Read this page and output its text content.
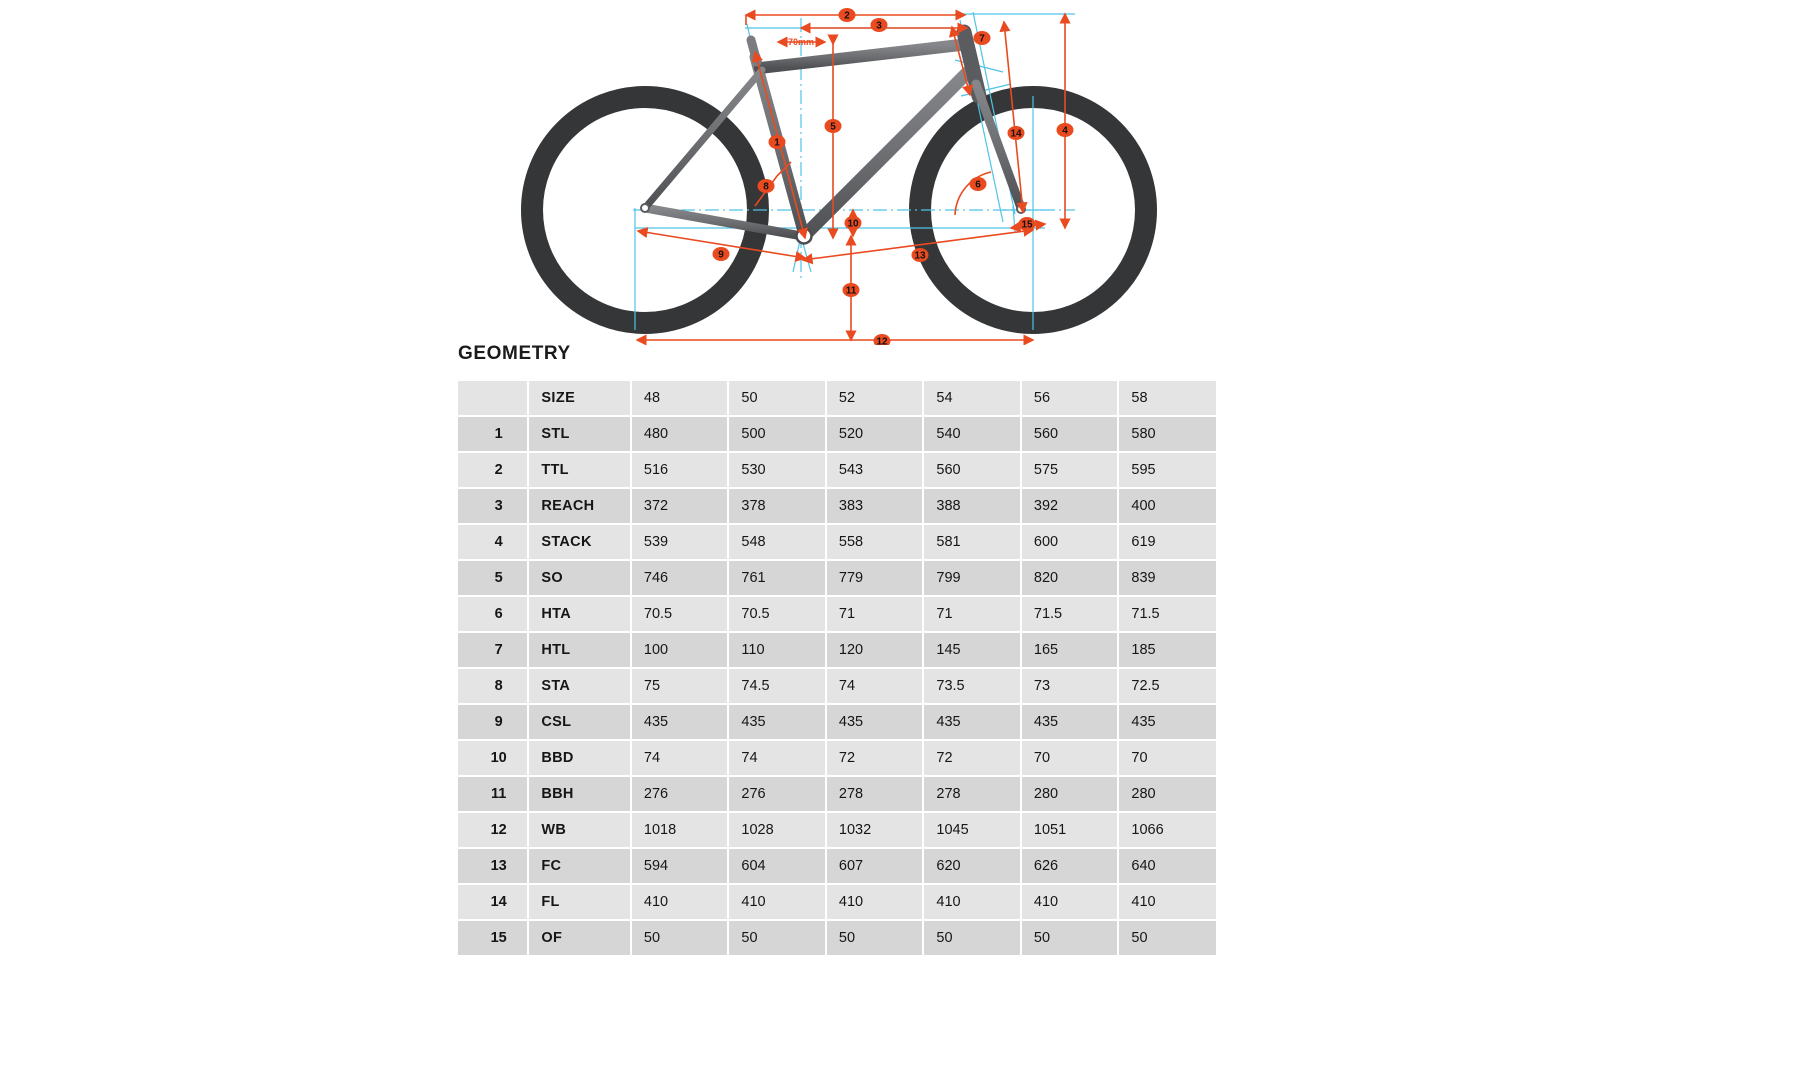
70mm
1
2
3
4
5
6
7
8
9
10
11
12
13
14
15
GEOMETRY
	SIZE	48	50	52	54	56	58
1	STL	480	500	520	540	560	580
2	TTL	516	530	543	560	575	595
3	REACH	372	378	383	388	392	400
4	STACK	539	548	558	581	600	619
5	SO	746	761	779	799	820	839
6	HTA	70.5	70.5	71	71	71.5	71.5
7	HTL	100	110	120	145	165	185
8	STA	75	74.5	74	73.5	73	72.5
9	CSL	435	435	435	435	435	435
10	BBD	74	74	72	72	70	70
11	BBH	276	276	278	278	280	280
12	WB	1018	1028	1032	1045	1051	1066
13	FC	594	604	607	620	626	640
14	FL	410	410	410	410	410	410
15	OF	50	50	50	50	50	50
